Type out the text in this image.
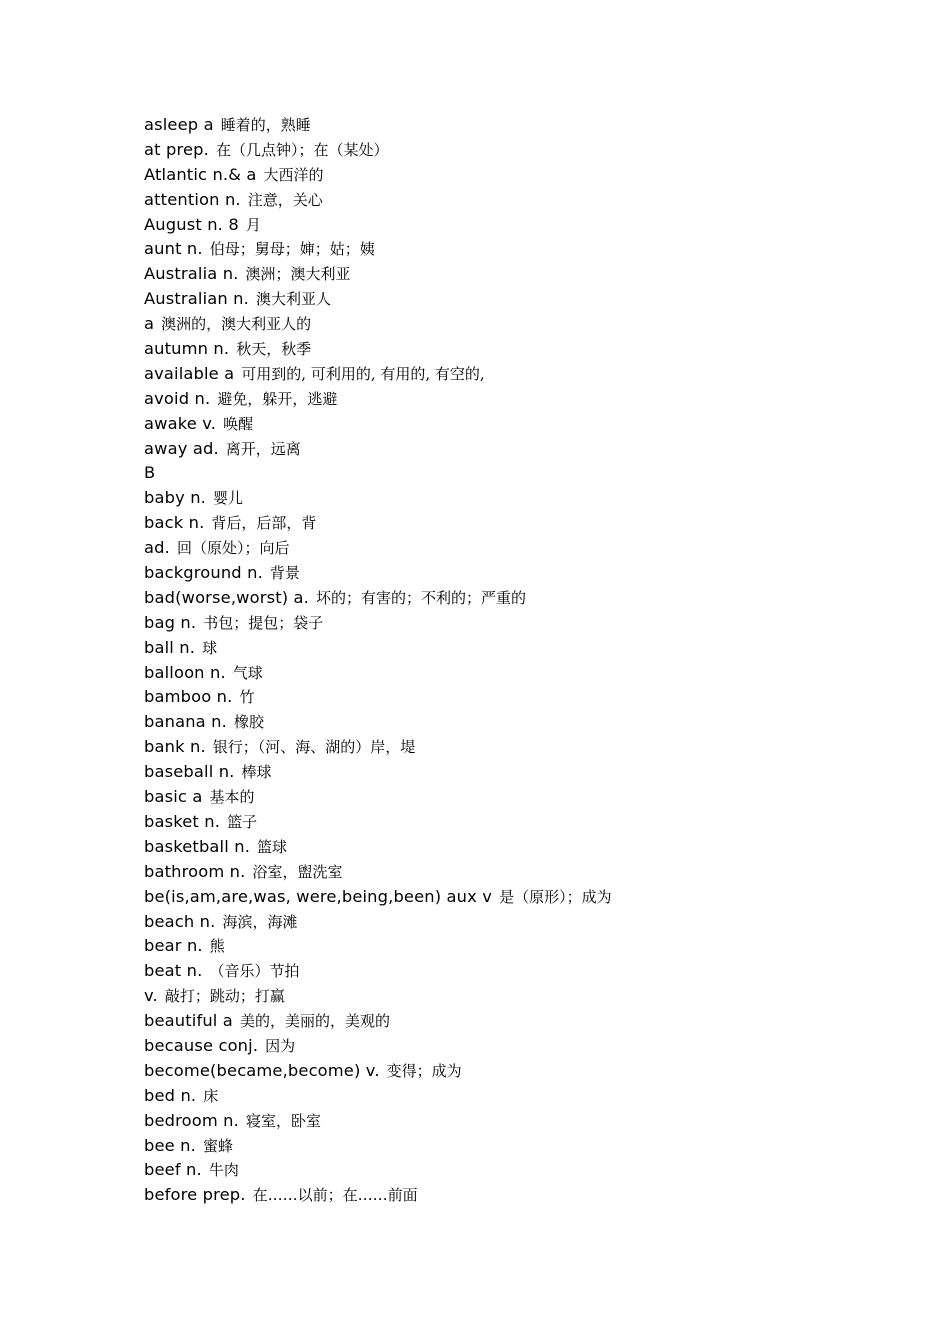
asleep a 睡着的，熟睡
at prep. 在（几点钟）；在（某处）
Atlantic n.& a 大西洋的
attention n. 注意，关心
August n. 8 月
aunt n. 伯母；舅母；婶；姑；姨
Australia n. 澳洲；澳大利亚
Australian n. 澳大利亚人
a 澳洲的，澳大利亚人的
autumn n. 秋天，秋季
available a 可用到的, 可利用的, 有用的, 有空的,
avoid n. 避免，躲开，逃避
awake v. 唤醒
away ad. 离开，远离
B
baby n. 婴儿
back n. 背后，后部，背
ad. 回（原处）；向后
background n. 背景
bad(worse,worst) a. 坏的；有害的；不利的；严重的
bag n. 书包；提包；袋子
ball n. 球
balloon n. 气球
bamboo n. 竹
banana n. 橡胶
bank n. 银行；（河、海、湖的）岸，堤
baseball n. 棒球
basic a 基本的
basket n. 篮子
basketball n. 篮球
bathroom n. 浴室，盥洗室
be(is,am,are,was, were,being,been) aux v 是（原形）；成为
beach n. 海滨，海滩
bear n. 熊
beat n. （音乐）节拍
v. 敲打；跳动；打赢
beautiful a 美的，美丽的，美观的
because conj. 因为
become(became,become) v. 变得；成为
bed n. 床
bedroom n. 寝室，卧室
bee n. 蜜蜂
beef n. 牛肉
before prep. 在……以前；在……前面
